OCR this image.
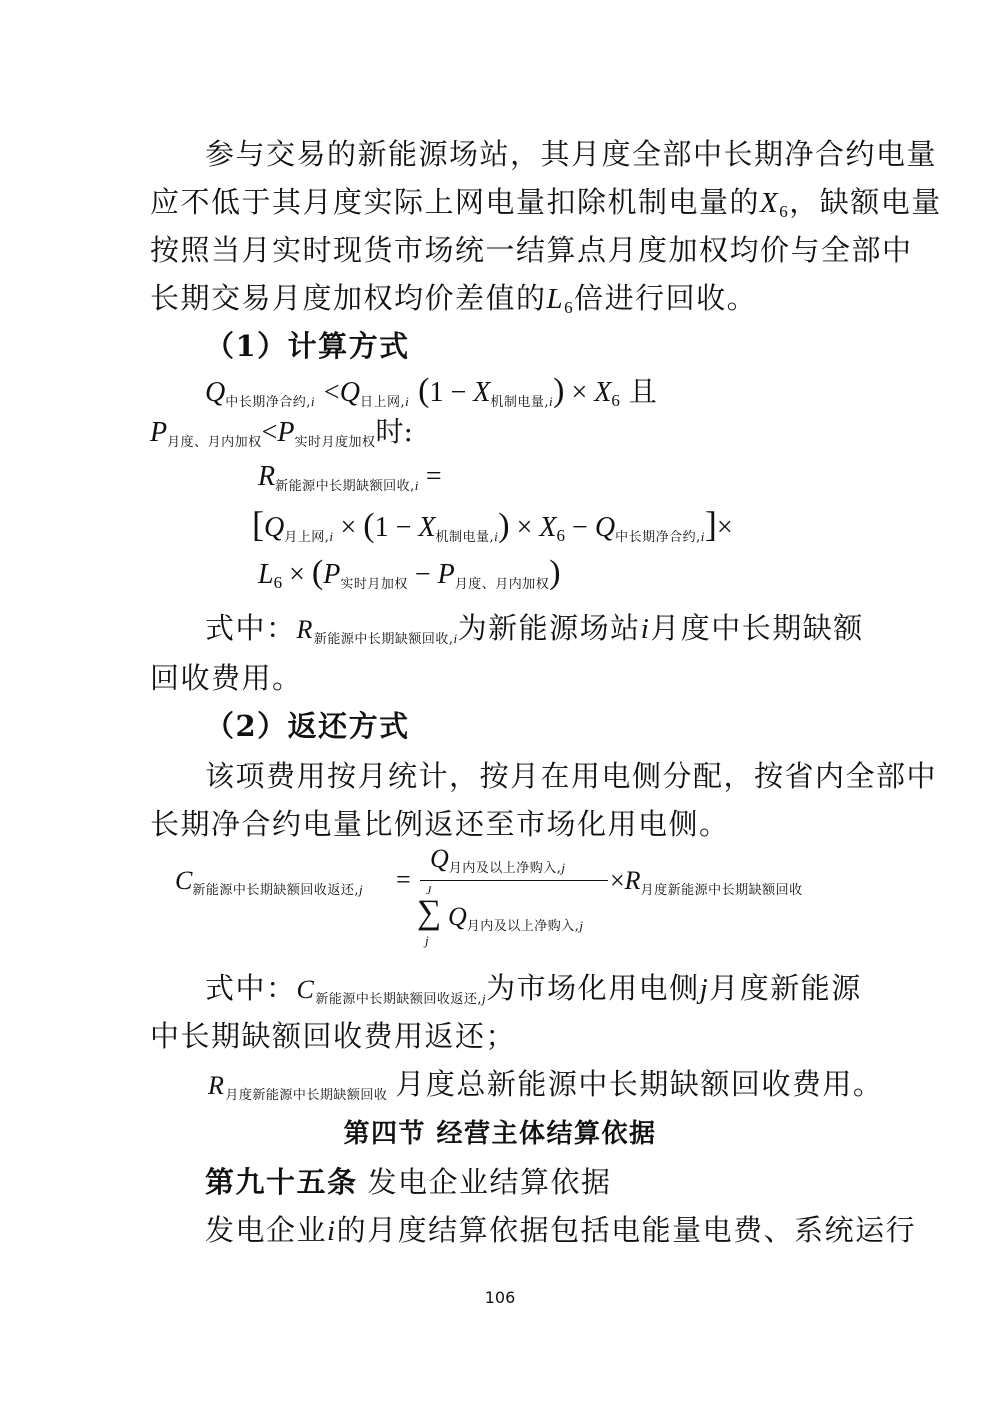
参与交易的新能源场站，其月度全部中长期净合约电量
应不低于其月度实际上网电量扣除机制电量的X6，缺额电量
按照当月实时现货市场统一结算点月度加权均价与全部中
长期交易月度加权均价差值的L6倍进行回收。
（1）计算方式
$Q_{中长期净合约,i} <Q_{日上网,i}$ $(1 - X_{机制电量,i}) \times X6$ 且
$P_{月度、月内加权}<P_{实时月度加权}$时:
$R_{新能源中长期缺额回收,i}$ =
$[Q_{月上网,i} \times (1 - X_{机制电量,i}) \times X6 - Q_{中长期净合约,i}]\times$
$L6 \times (P_{实时月加权} - P_{月度、月内加权})$
式中：$R_{新能源中长期缺额回收,i}$为新能源场站i月度中长期缺额
回收费用。
（2）返还方式
该项费用按月统计，按月在用电侧分配，按省内全部中
长期净合约电量比例返还至市场化用电侧。
$C_{新能源中长期缺额回收返还,j}$ =
$Q_{月内及以上净购入,j}$
J
∑
j
$Q_{月内及以上净购入,j}$
$\times R_{月度新能源中长期缺额回收}$
式中：$C_{新能源中长期缺额回收返还,j}$为市场化用电侧j月度新能源
中长期缺额回收费用返还；
$R_{月度新能源中长期缺额回收}$ 月度总新能源中长期缺额回收费用。
第四节 经营主体结算依据
第九十五条 发电企业结算依据
发电企业i的月度结算依据包括电能量电费、系统运行
106
